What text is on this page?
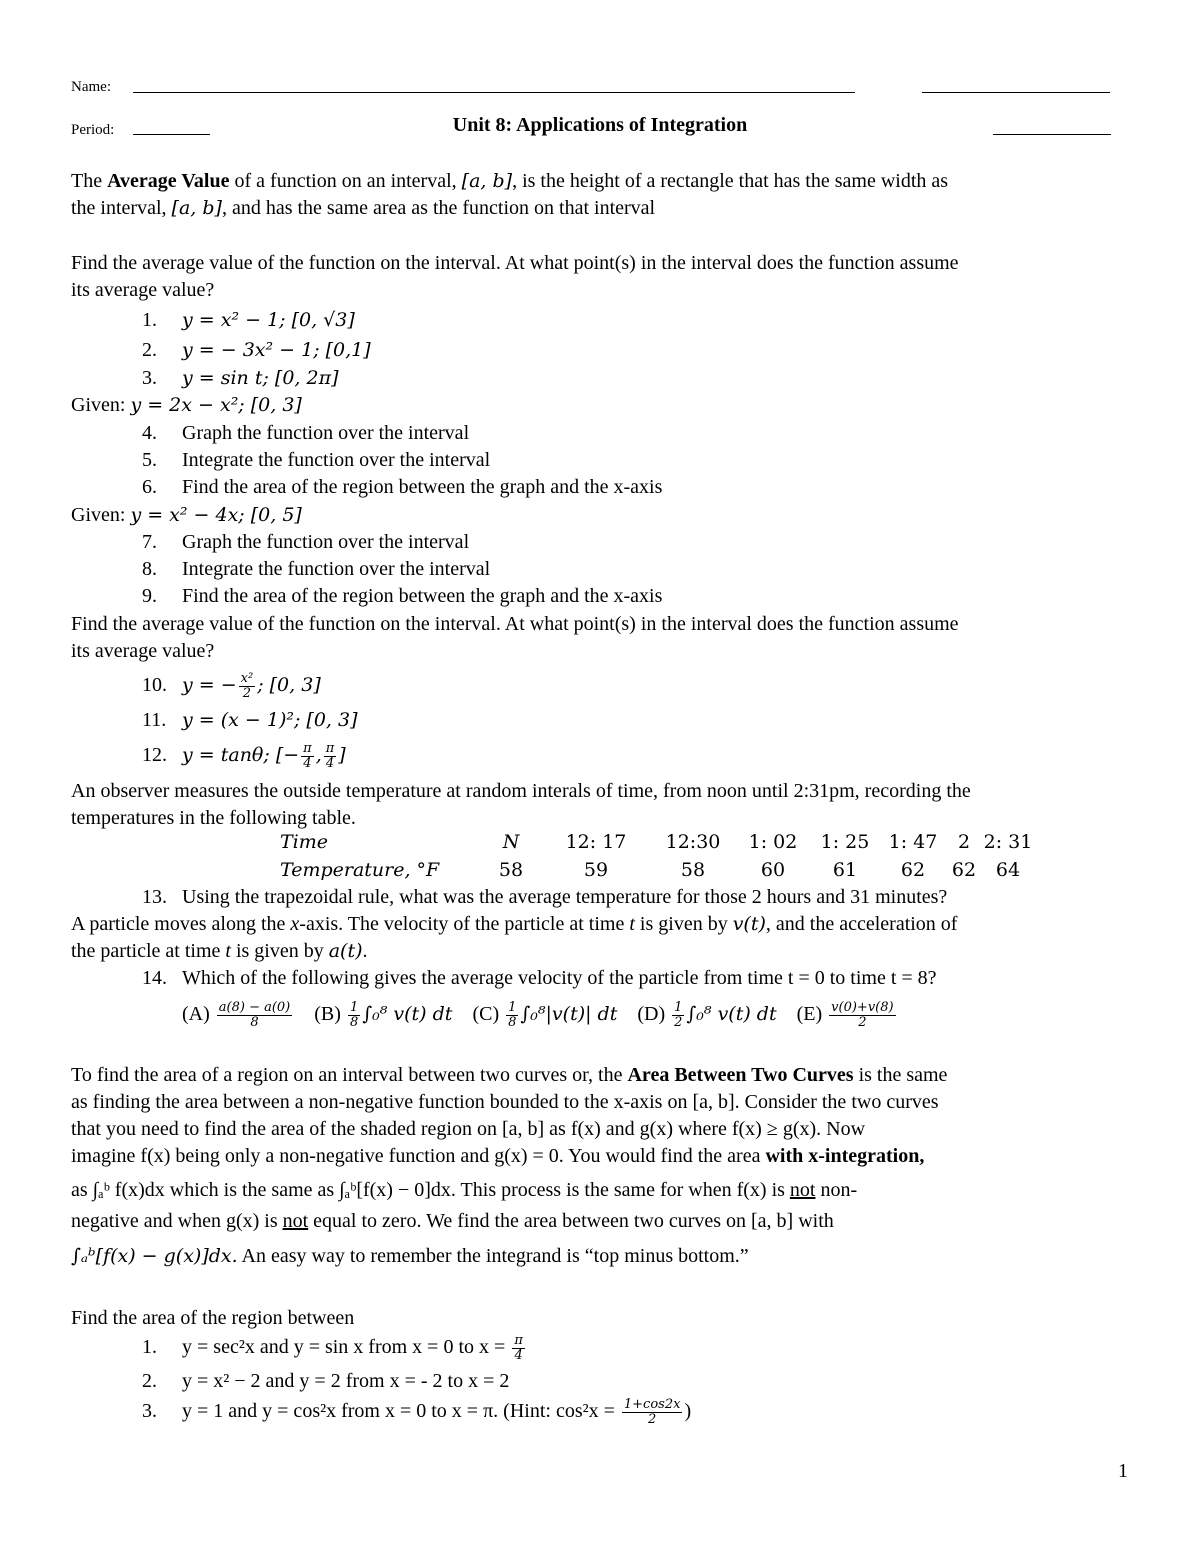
Name:
Period:	Unit 8: Applications of Integration
The Average Value of a function on an interval, [a, b], is the height of a rectangle that has the same width as
the interval, [a, b], and has the same area as the function on that interval
Find the average value of the function on the interval. At what point(s) in the interval does the function assume
its average value?
1. y = x² − 1; [0, √3]
2. y = − 3x² − 1; [0,1]
3. y = sin t; [0, 2π]
Given: y = 2x − x²; [0, 3]
4. Graph the function over the interval
5. Integrate the function over the interval
6. Find the area of the region between the graph and the x-axis
Given: y = x² − 4x; [0, 5]
7. Graph the function over the interval
8. Integrate the function over the interval
9. Find the area of the region between the graph and the x-axis
Find the average value of the function on the interval. At what point(s) in the interval does the function assume
its average value?
10. y = − $\frac{\text{x²}}{2}$ ; [0, 3]
11. y = (x − 1)²; [0, 3]
12. y = tanθ; [− $\frac{\pi}{4}$ , $\frac{\pi}{4}$ ]
An observer measures the outside temperature at random interals of time, from noon until 2:31pm, recording the
temperatures in the following table.
Time	N	12: 17	12:30	1: 02	1: 25	1: 47	2	2: 31
Temperature, °F	58	59	58	60	61	62	62	64
13. Using the trapezoidal rule, what was the average temperature for those 2 hours and 31 minutes?
A particle moves along the x-axis. The velocity of the particle at time t is given by v(t), and the acceleration of
the particle at time t is given by a(t).
14. Which of the following gives the average velocity of the particle from time t = 0 to time t = 8?
$(A) \frac{a(8) - a(0)}{8} (B) \frac{1}{8} \int_0^8$ v(t) dt $(C) \frac{1}{8} \int_0^8|v(t)|$ dt $(D) \frac{1}{2} \int_0^8$ v(t) dt $(E) \frac{v(0)+v(8)}{2}$
To find the area of a region on an interval between two curves or, the Area Between Two Curves is the same
as finding the area between a non-negative function bounded to the x-axis on [a, b]. Consider the two curves
that you need to find the area of the shaded region on [a, b] as f(x) and g(x) where f(x) ≥ g(x). Now
imagine f(x) being only a non-negative function and g(x) = 0. You would find the area with x-integration,
as ∫ₐᵇ f(x)dx which is the same as ∫ₐᵇ[f(x) − 0]dx. This process is the same for when f(x) is not non-
negative and when g(x) is not equal to zero. We find the area between two curves on [a, b] with
∫ₐᵇ[f(x) − g(x)]dx. An easy way to remember the integrand is “top minus bottom.”
Find the area of the region between
1. y = sec²x and y = sin x from x = 0 to $x = \frac{\pi}{4}$
2. y = x² − 2 and y = 2 from x = - 2 to x = 2
3. y = 1 and y = cos²x from x = 0 to x = π. (Hint: $\cos^2x = \frac{1+\cos 2x}{2}$ )
1
